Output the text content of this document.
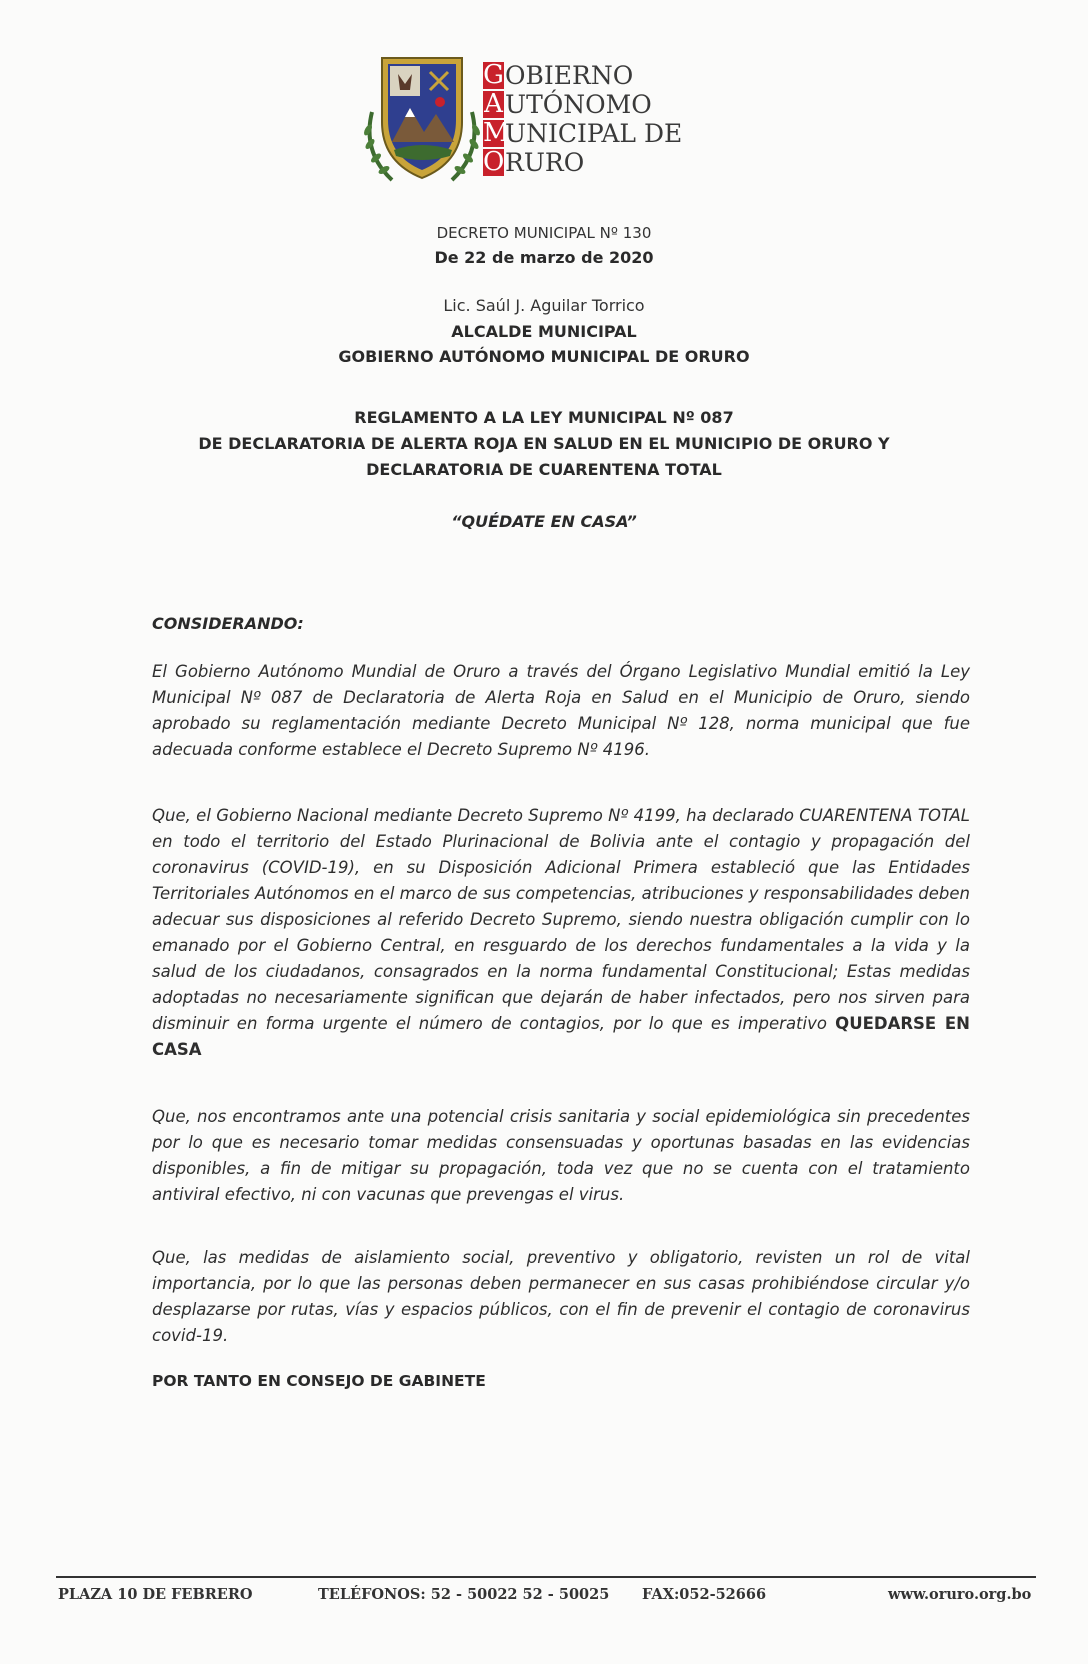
G OBIERNO
A UTÓNOMO
M
UNICIPAL DE
O RURO
DECRETO MUNICIPAL Nº 130
De 22 de marzo de 2020
Lic. Saúl J. Aguilar Torrico
ALCALDE MUNICIPAL
GOBIERNO AUTÓNOMO MUNICIPAL DE ORURO
REGLAMENTO A LA LEY MUNICIPAL Nº 087
DE DECLARATORIA DE ALERTA ROJA EN SALUD EN EL MUNICIPIO DE ORURO Y
DECLARATORIA DE CUARENTENA TOTAL
“QUÉDATE EN CASA”
CONSIDERANDO:
El Gobierno Autónomo Mundial de Oruro a través del Órgano Legislativo Mundial emitió la Ley Municipal Nº 087 de Declaratoria de Alerta Roja en Salud en el Municipio de Oruro, siendo aprobado su reglamentación mediante Decreto Municipal Nº 128, norma municipal que fue adecuada conforme establece el Decreto Supremo Nº 4196.
Que, el Gobierno Nacional mediante Decreto Supremo Nº 4199, ha declarado CUARENTENA TOTAL en todo el territorio del Estado Plurinacional de Bolivia ante el contagio y propagación del coronavirus (COVID-19), en su Disposición Adicional Primera estableció que las Entidades Territoriales Autónomos en el marco de sus competencias, atribuciones y responsabilidades deben adecuar sus disposiciones al referido Decreto Supremo, siendo nuestra obligación cumplir con lo emanado por el Gobierno Central, en resguardo de los derechos fundamentales a la vida y la salud de los ciudadanos, consagrados en la norma fundamental Constitucional; Estas medidas adoptadas no necesariamente significan que dejarán de haber infectados, pero nos sirven para disminuir en forma urgente el número de contagios, por lo que es imperativo QUEDARSE EN CASA
Que, nos encontramos ante una potencial crisis sanitaria y social epidemiológica sin precedentes por lo que es necesario tomar medidas consensuadas y oportunas basadas en las evidencias disponibles, a fin de mitigar su propagación, toda vez que no se cuenta con el tratamiento antiviral efectivo, ni con vacunas que prevengas el virus.
Que, las medidas de aislamiento social, preventivo y obligatorio, revisten un rol de vital importancia, por lo que las personas deben permanecer en sus casas prohibiéndose circular y/o desplazarse por rutas, vías y espacios públicos, con el fin de prevenir el contagio de coronavirus covid-19.
POR TANTO EN CONSEJO DE GABINETE
PLAZA 10 DE FEBRERO	TELÉFONOS: 52 - 50022 52 - 50025 FAX:052-52666	www.oruro.org.bo
